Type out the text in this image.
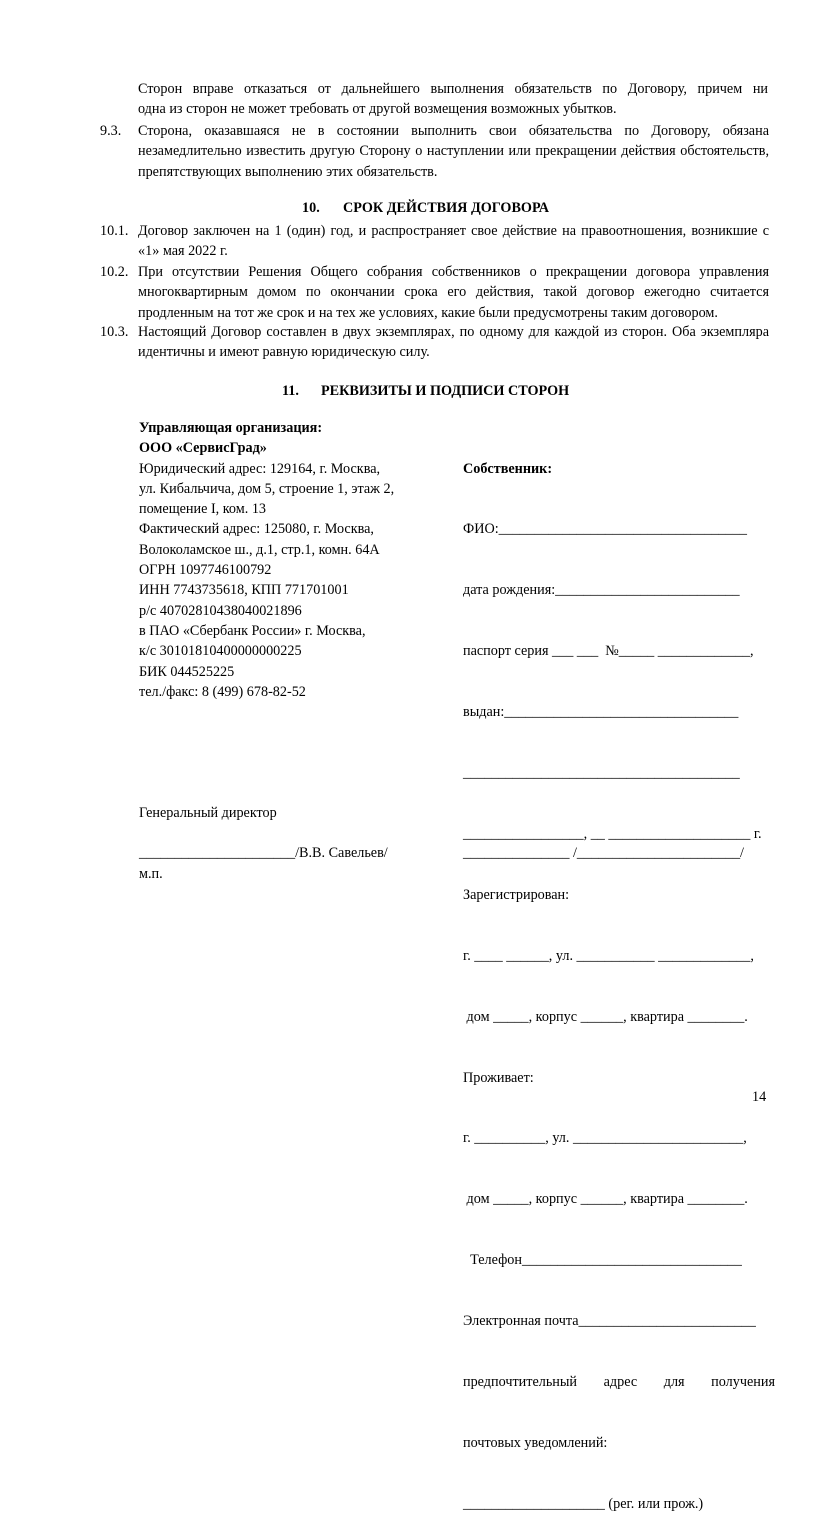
Сторон вправе отказаться от дальнейшего выполнения обязательств по Договору, причем ни
одна из сторон не может требовать от другой возмещения возможных убытков.
9.3. Сторона, оказавшаяся не в состоянии выполнить свои обязательства по Договору, обязана незамедлительно известить другую Сторону о наступлении или прекращении действия обстоятельств, препятствующих выполнению этих обязательств.
10. СРОК ДЕЙСТВИЯ ДОГОВОРА
10.1. Договор заключен на 1 (один) год, и распространяет свое действие на правоотношения, возникшие с «1» мая 2022 г.
10.2. При отсутствии Решения Общего собрания собственников о прекращении договора управления многоквартирным домом по окончании срока его действия, такой договор ежегодно считается продленным на тот же срок и на тех же условиях, какие были предусмотрены таким договором.
10.3. Настоящий Договор составлен в двух экземплярах, по одному для каждой из сторон. Оба экземпляра идентичны и имеют равную юридическую силу.
11. РЕКВИЗИТЫ И ПОДПИСИ СТОРОН
Управляющая организация:
ООО «СервисГрад»
Юридический адрес: 129164, г. Москва,
ул. Кибальчича, дом 5, строение 1, этаж 2,
помещение I, ком. 13
Фактический адрес: 125080, г. Москва,
Волоколамское ш., д.1, стр.1, комн. 64А
ОГРН 1097746100792
ИНН 7743735618, КПП 771701001
р/с 40702810438040021896
в ПАО «Сбербанк России» г. Москва,
к/с 30101810400000000225
БИК 044525225
тел./факс: 8 (499) 678-82-52

Собственник:

ФИО:___________________________________

дата рождения:__________________________

паспорт серия ___ ___  №_____ _____________,

выдан:_________________________________

_______________________________________

_________________, __ ____________________ г.

Зарегистрирован:

г. ____ ______, ул. ___________ _____________,

дом _____, корпус ______, квартира ________.

Проживает:

г. __________, ул. ________________________,

дом _____, корпус ______, квартира ________.

Телефон_______________________________

Электронная почта_________________________

предпочтительный адрес для получения

почтовых уведомлений:

____________________ (рег. или прож.)

Генеральный директор
______________________/В.В. Савельев/	_______________ /_______________________/
м.п.
14
